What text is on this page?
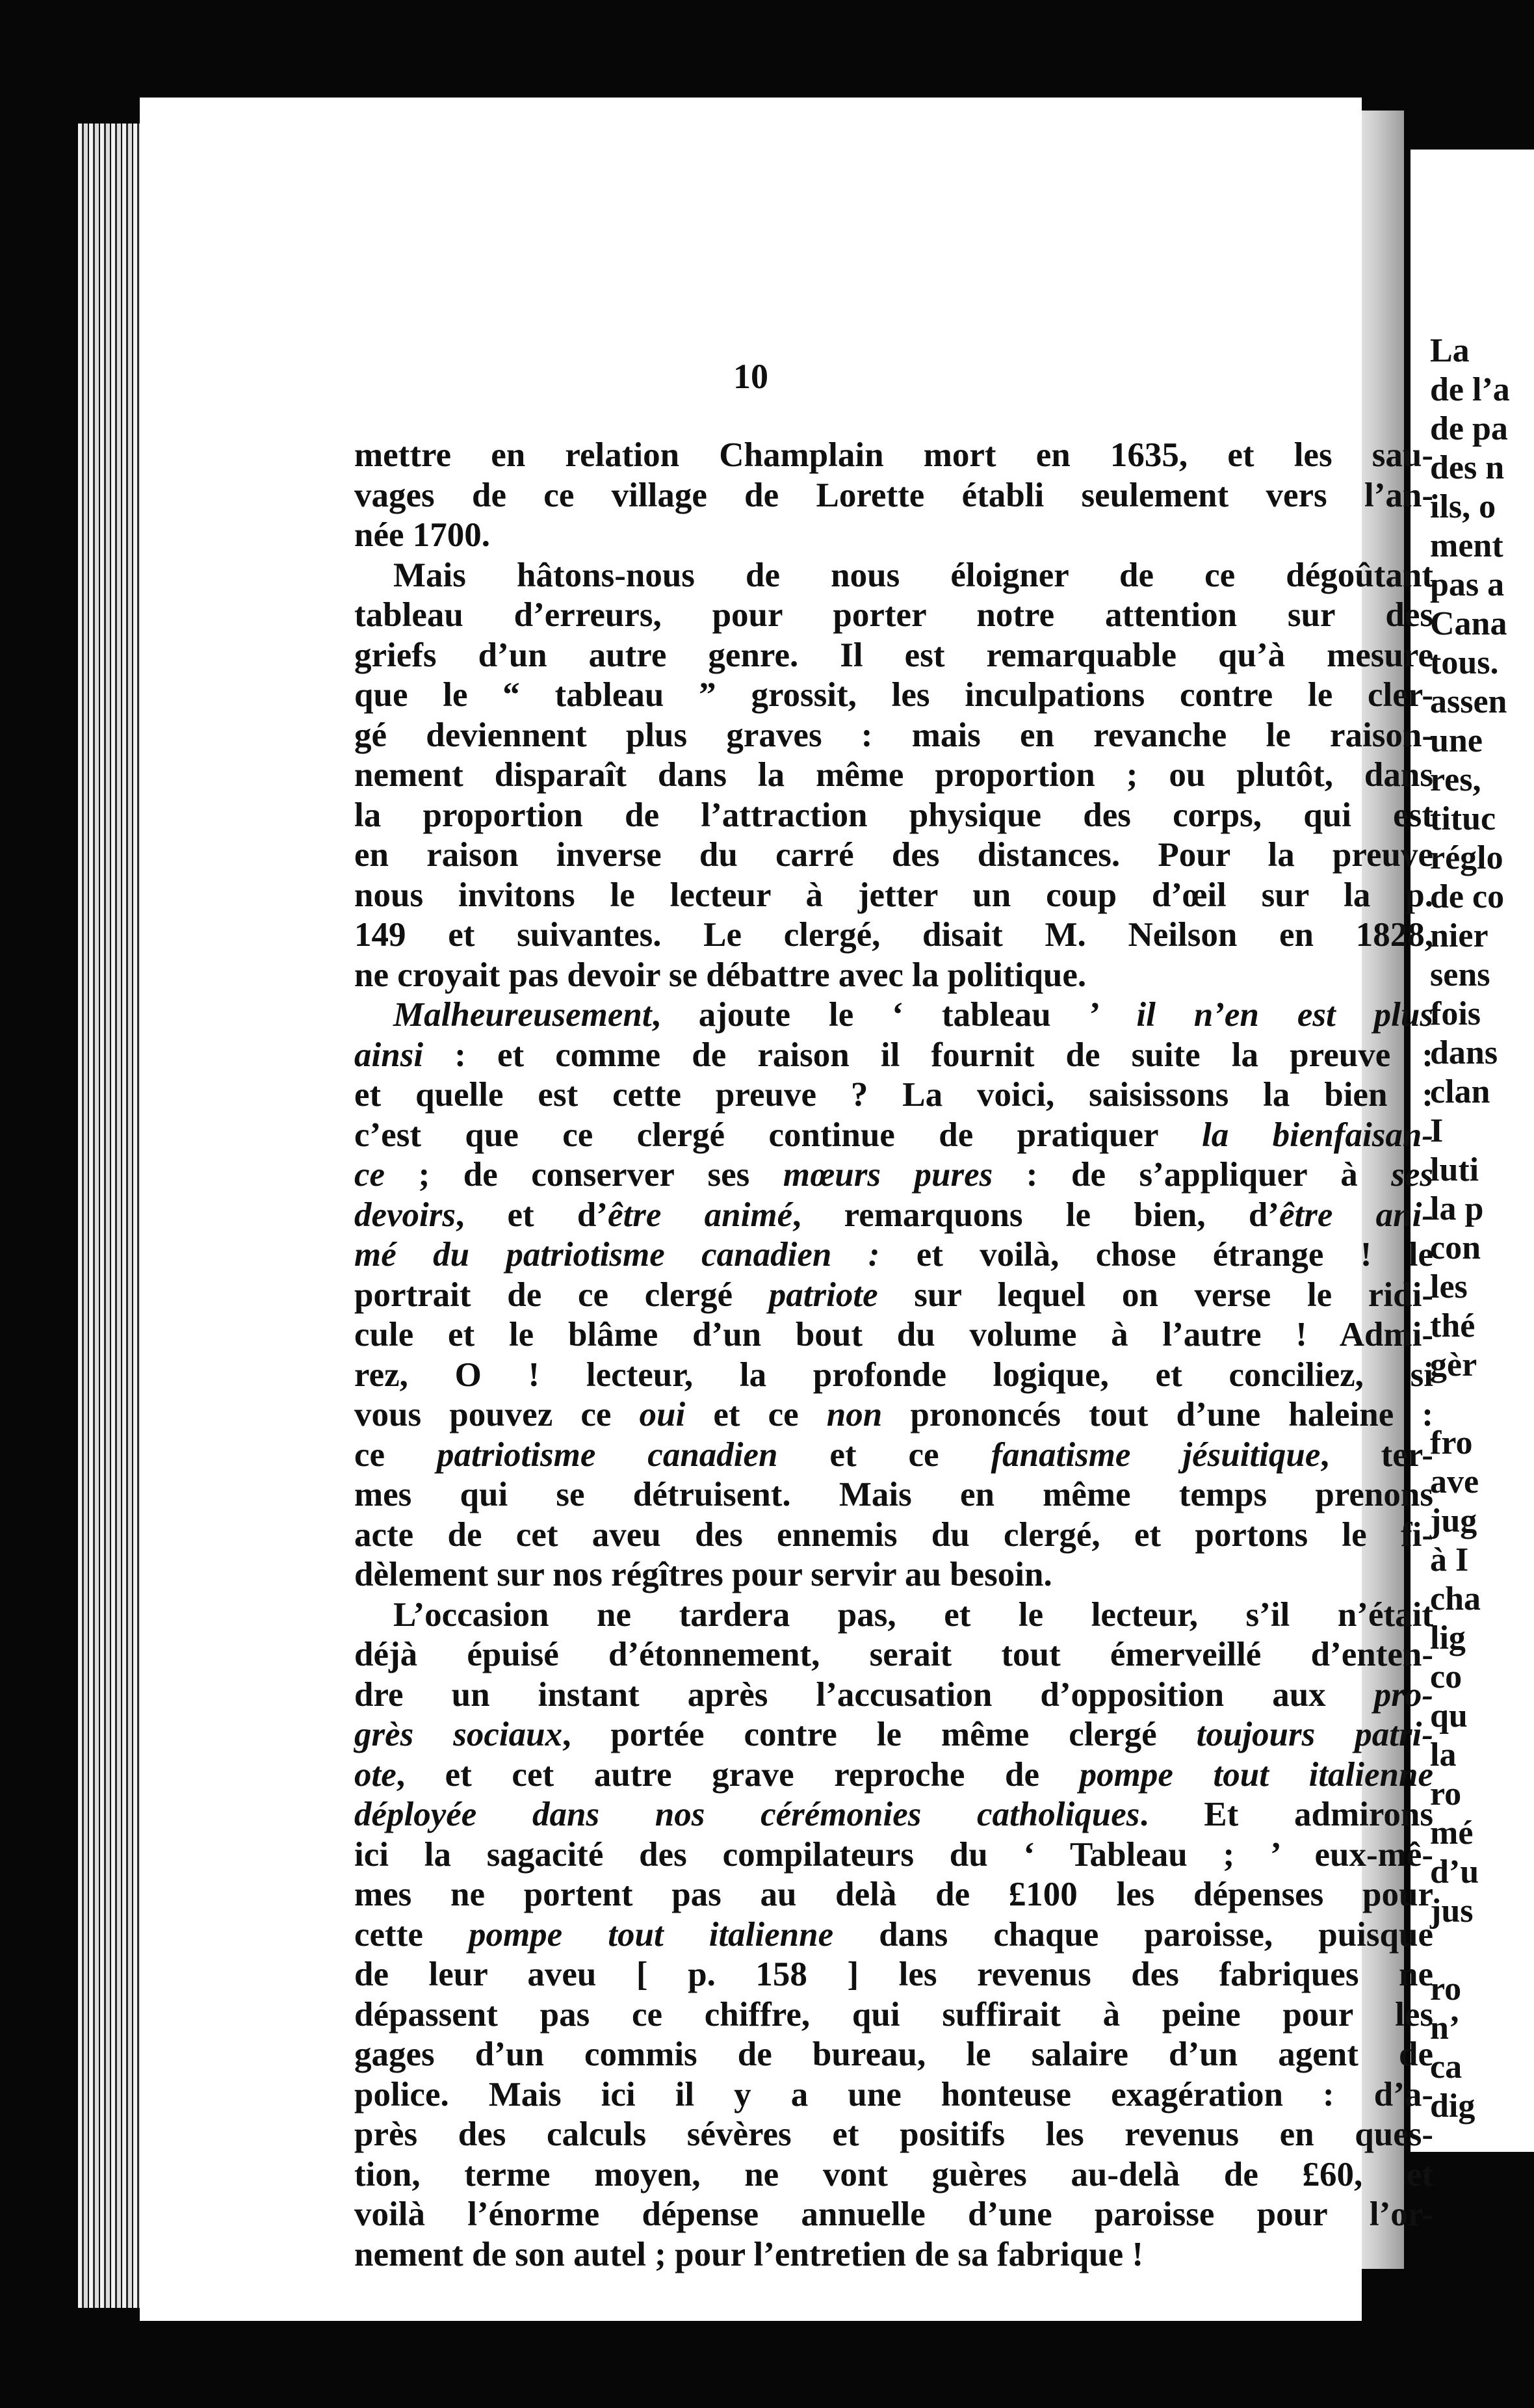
La
de l’a
de pa
des n
ils, o
ment
pas a
Cana
tous.
assen
une
res,
tituc
réglo
de co
nier
sens
fois
dans
clan
I
luti
la p
con
les
thé
gèr

fro
ave
jug
à I
cha
lig
co
qu
la
ro
mé
d’u
jus

ro
n’
ca
dig
10
mettre en relation Champlain mort en 1635, et les sau-
vages de ce village de Lorette établi seulement vers l’an-
née 1700.
Mais hâtons-nous de nous éloigner de ce dégoûtant
tableau d’erreurs, pour porter notre attention sur des
griefs d’un autre genre. Il est remarquable qu’à mesure
que le “ tableau ” grossit, les inculpations contre le cler-
gé deviennent plus graves : mais en revanche le raison-
nement disparaît dans la même proportion ; ou plutôt, dans
la proportion de l’attraction physique des corps, qui est
en raison inverse du carré des distances. Pour la preuve
nous invitons le lecteur à jetter un coup d’œil sur la p.
149 et suivantes. Le clergé, disait M. Neilson en 1828,
ne croyait pas devoir se débattre avec la politique.
Malheureusement, ajoute le ‘ tableau ’ il n’en est plus
ainsi : et comme de raison il fournit de suite la preuve :
et quelle est cette preuve ? La voici, saisissons la bien :
c’est que ce clergé continue de pratiquer la bienfaisan-
ce ; de conserver ses mœurs pures : de s’appliquer à ses
devoirs, et d’être animé, remarquons le bien, d’être ani-
mé du patriotisme canadien : et voilà, chose étrange ! le
portrait de ce clergé patriote sur lequel on verse le ridi-
cule et le blâme d’un bout du volume à l’autre ! Admi-
rez, O ! lecteur, la profonde logique, et conciliez, si
vous pouvez ce oui et ce non prononcés tout d’une haleine :
ce patriotisme canadien et ce fanatisme jésuitique, ter-
mes qui se détruisent. Mais en même temps prenons
acte de cet aveu des ennemis du clergé, et portons le fi-
dèlement sur nos régîtres pour servir au besoin.
L’occasion ne tardera pas, et le lecteur, s’il n’était
déjà épuisé d’étonnement, serait tout émerveillé d’enten-
dre un instant après l’accusation d’opposition aux pro-
grès sociaux, portée contre le même clergé toujours patri-
ote, et cet autre grave reproche de pompe tout italienne
déployée dans nos cérémonies catholiques. Et admirons
ici la sagacité des compilateurs du ‘ Tableau ; ’ eux-mê-
mes ne portent pas au delà de £100 les dépenses pour
cette pompe tout italienne dans chaque paroisse, puisque
de leur aveu [ p. 158 ] les revenus des fabriques ne
dépassent pas ce chiffre, qui suffirait à peine pour les
gages d’un commis de bureau, le salaire d’un agent de
police. Mais ici il y a une honteuse exagération : d’a-
près des calculs sévères et positifs les revenus en ques-
tion, terme moyen, ne vont guères au-delà de £60, et
voilà l’énorme dépense annuelle d’une paroisse pour l’or-
nement de son autel ; pour l’entretien de sa fabrique !
